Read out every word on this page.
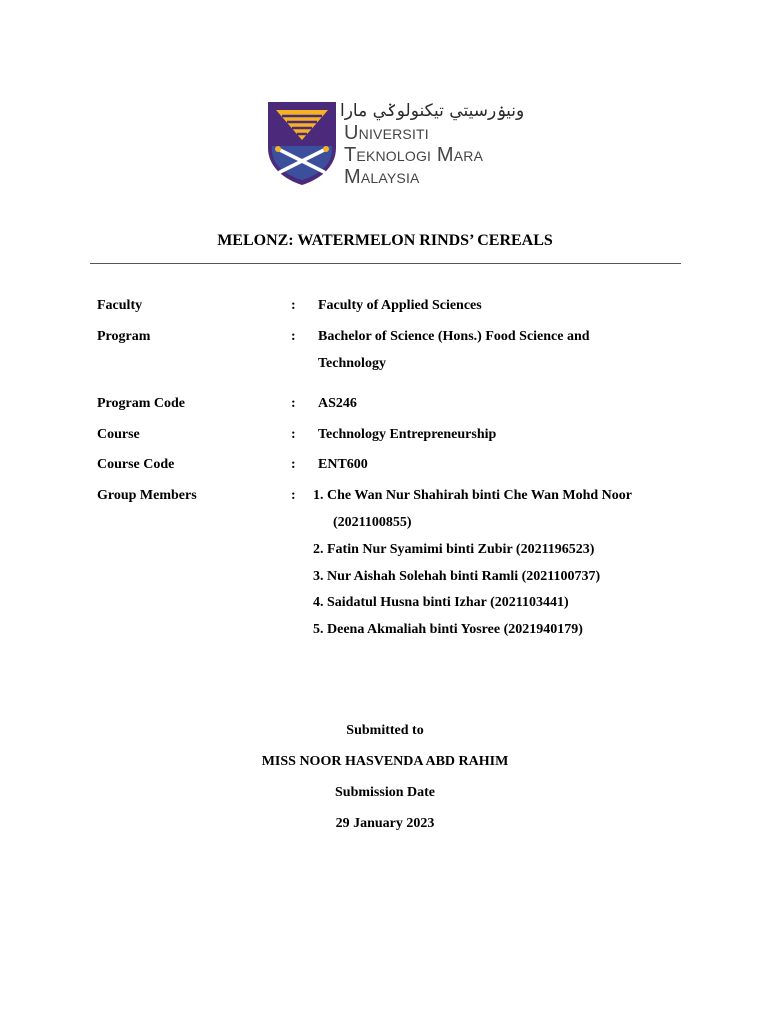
ونيۏرسيتي تيکنولوݢي مارا
Universiti
Teknologi Mara
Malaysia
MELONZ: WATERMELON RINDS’ CEREALS
Faculty	: Faculty of Applied Sciences
Program	: Bachelor of Science (Hons.) Food Science and
Technology
Program Code	: AS246
Course	: Technology Entrepreneurship
Course Code	: ENT600
Group Members	: 1. Che Wan Nur Shahirah binti Che Wan Mohd Noor
(2021100855)
2. Fatin Nur Syamimi binti Zubir (2021196523)
3. Nur Aishah Solehah binti Ramli (2021100737)
4. Saidatul Husna binti Izhar (2021103441)
5. Deena Akmaliah binti Yosree (2021940179)
Submitted to
MISS NOOR HASVENDA ABD RAHIM
Submission Date
29 January 2023
